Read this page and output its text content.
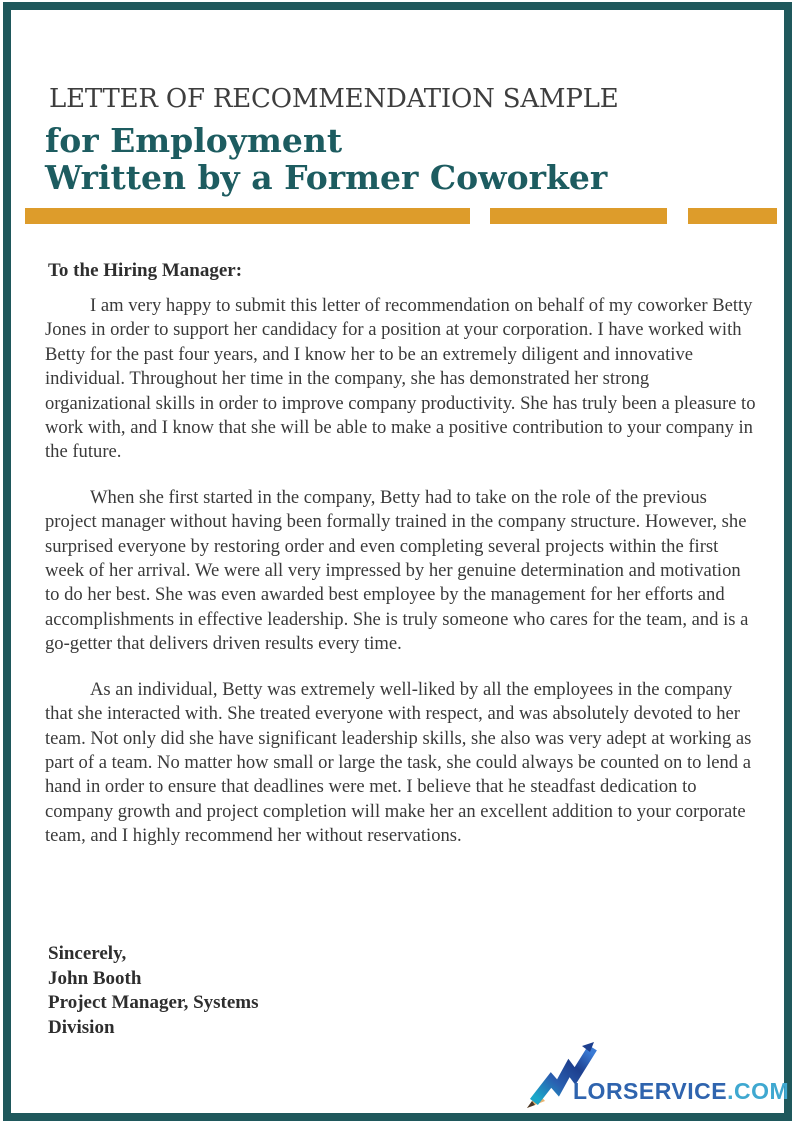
LETTER OF RECOMMENDATION SAMPLE
for Employment
Written by a Former Coworker
To the Hiring Manager:

I am very happy to submit this letter of recommendation on behalf of my coworker Betty Jones in order to support her candidacy for a position at your corporation. I have worked with Betty for the past four years, and I know her to be an extremely diligent and innovative individual. Throughout her time in the company, she has demonstrated her strong organizational skills in order to improve company productivity. She has truly been a pleasure to work with, and I know that she will be able to make a positive contribution to your company in the future.

When she first started in the company, Betty had to take on the role of the previous project manager without having been formally trained in the company structure. However, she surprised everyone by restoring order and even completing several projects within the first week of her arrival. We were all very impressed by her genuine determination and motivation to do her best. She was even awarded best employee by the management for her efforts and accomplishments in effective leadership. She is truly someone who cares for the team, and is a go-getter that delivers driven results every time.

As an individual, Betty was extremely well-liked by all the employees in the company that she interacted with. She treated everyone with respect, and was absolutely devoted to her team. Not only did she have significant leadership skills, she also was very adept at working as part of a team. No matter how small or large the task, she could always be counted on to lend a hand in order to ensure that deadlines were met. I believe that he steadfast dedication to company growth and project completion will make her an excellent addition to your corporate team, and I highly recommend her without reservations.

Sincerely,
John Booth
Project Manager, Systems
Division
LORSERVICE.COM
